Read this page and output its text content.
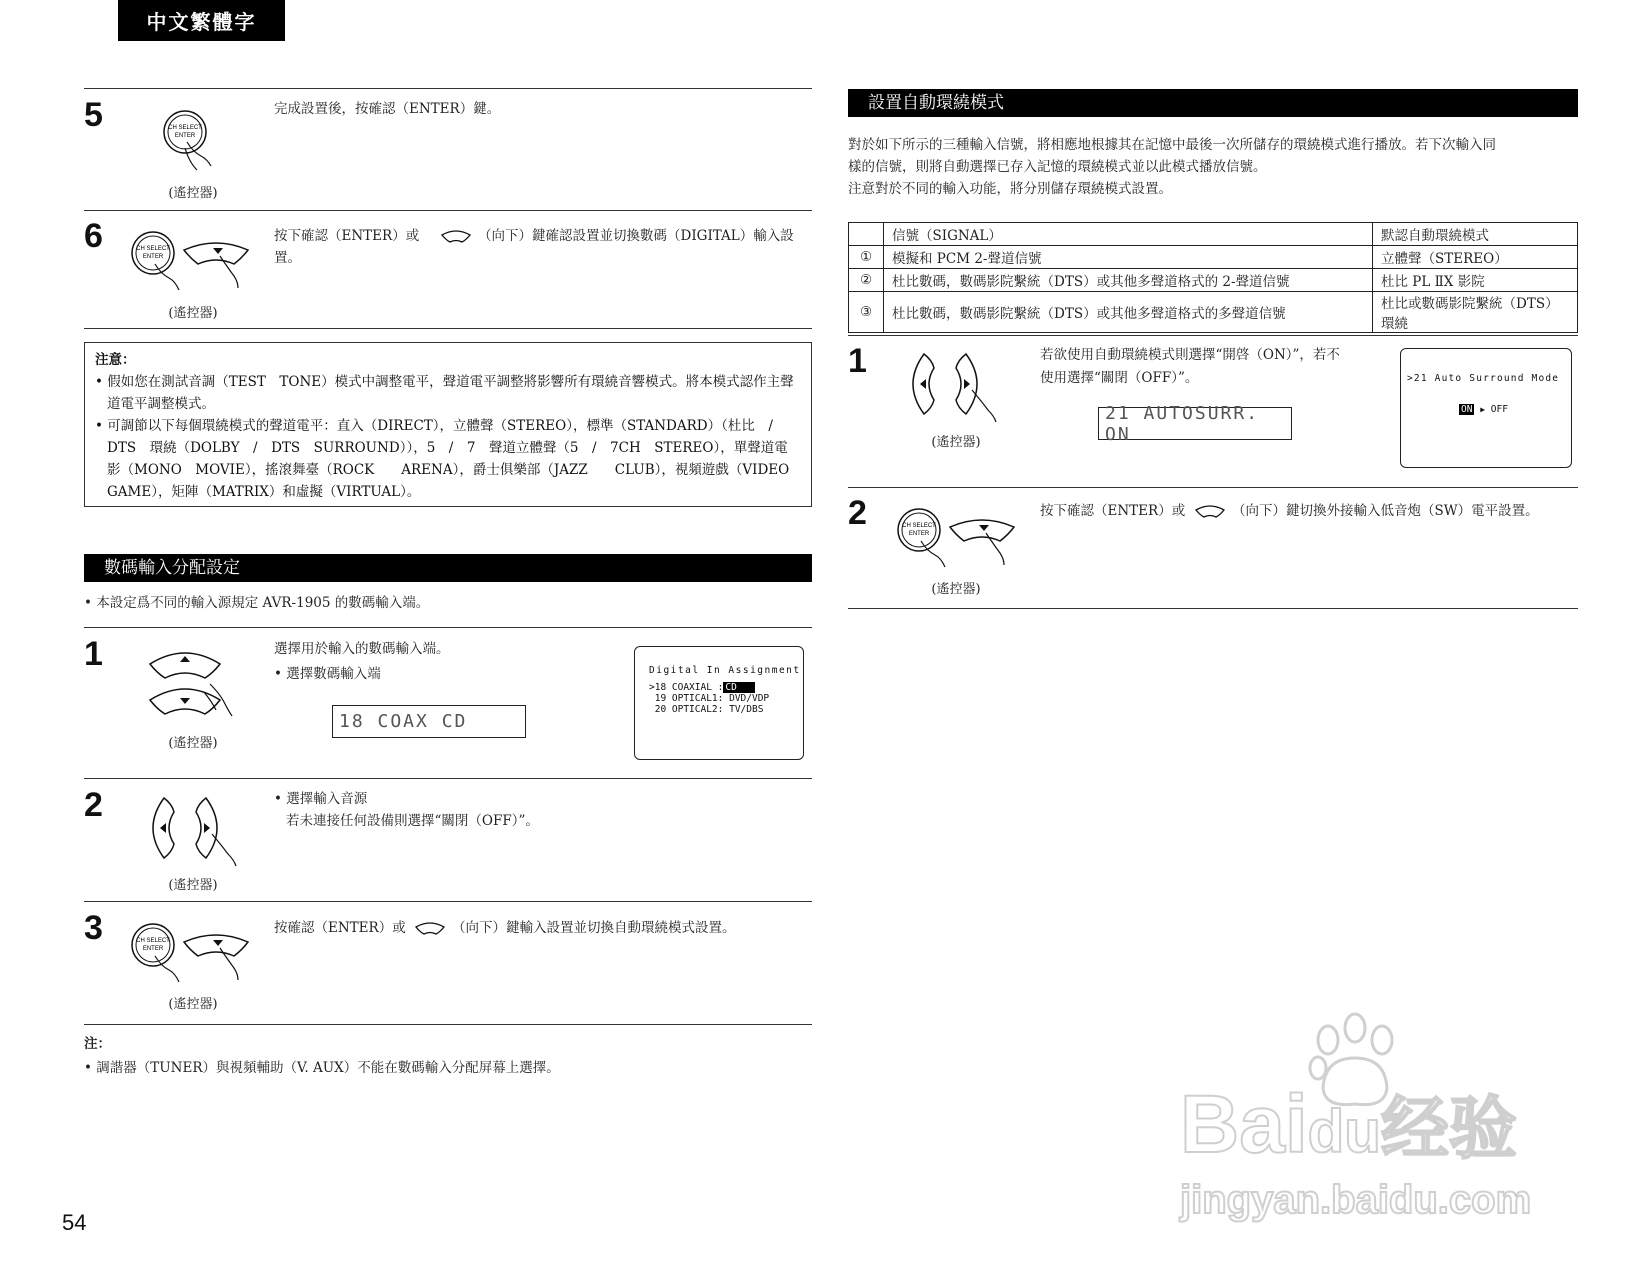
中文繁體字
5	CH SELECT
ENTER
(遙控器)
完成設置後，按確認（ENTER）鍵。
6	CH SELECT
ENTER
(遙控器)
按下確認（ENTER）或	（向下）鍵確認設置並切換數碼（DIGITAL）輸入設
置。
注意：
• 假如您在測試音調（TEST　TONE）模式中調整電平，聲道電平調整將影響所有環繞音響模式。將本模式認作主聲道電平調整模式。
• 可調節以下每個環繞模式的聲道電平：直入（DIRECT），立體聲（STEREO），標準（STANDARD）（杜比　/　DTS　環繞（DOLBY　/　DTS　SURROUND）），5　/　7　聲道立體聲（5　/　7CH　STEREO），單聲道電影（MONO　MOVIE），搖滾舞臺（ROCK　　ARENA），爵士俱樂部（JAZZ　　CLUB），視頻遊戲（VIDEO　　GAME），矩陣（MATRIX）和虛擬（VIRTUAL）。
數碼輸入分配設定
• 本設定爲不同的輸入源規定 AVR-1905 的數碼輸入端。
1
(遙控器)
選擇用於輸入的數碼輸入端。
• 選擇數碼輸入端
18 COAX CD
Digital In Assignment
>18 COAXIAL : CD
19 OPTICAL1: DVD/VDP
20 OPTICAL2: TV/DBS
2
(遙控器)
• 選擇輸入音源
若未連接任何設備則選擇“關閉（OFF）”。
3	CH SELECT
ENTER
(遙控器)
按確認（ENTER）或	（向下）鍵輸入設置並切換自動環繞模式設置。
注：
• 調諧器（TUNER）與視頻輔助（V. AUX）不能在數碼輸入分配屏幕上選擇。
設置自動環繞模式
對於如下所示的三種輸入信號，將相應地根據其在記憶中最後一次所儲存的環繞模式進行播放。若下次輸入同
樣的信號，則將自動選擇已存入記憶的環繞模式並以此模式播放信號。
注意對於不同的輸入功能，將分別儲存環繞模式設置。
	信號（SIGNAL）	默認自動環繞模式
①	模擬和 PCM 2-聲道信號	立體聲（STEREO）
②	杜比數碼，數碼影院繫統（DTS）或其他多聲道格式的 2-聲道信號	杜比 PL ⅡX 影院
③	杜比數碼，數碼影院繫統（DTS）或其他多聲道格式的多聲道信號	杜比或數碼影院繫統（DTS）環繞
1
(遙控器)
若欲使用自動環繞模式則選擇“開啓（ON）”，若不
使用選擇“關閉（OFF）”。
21 AUTOSURR. ON
>21 Auto Surround Mode
ON ▶ OFF
2	CH SELECT
ENTER
(遙控器)
按下確認（ENTER）或	（向下）鍵切換外接輸入低音炮（SW）電平設置。
54
Baidu经验
jingyan.baidu.com
